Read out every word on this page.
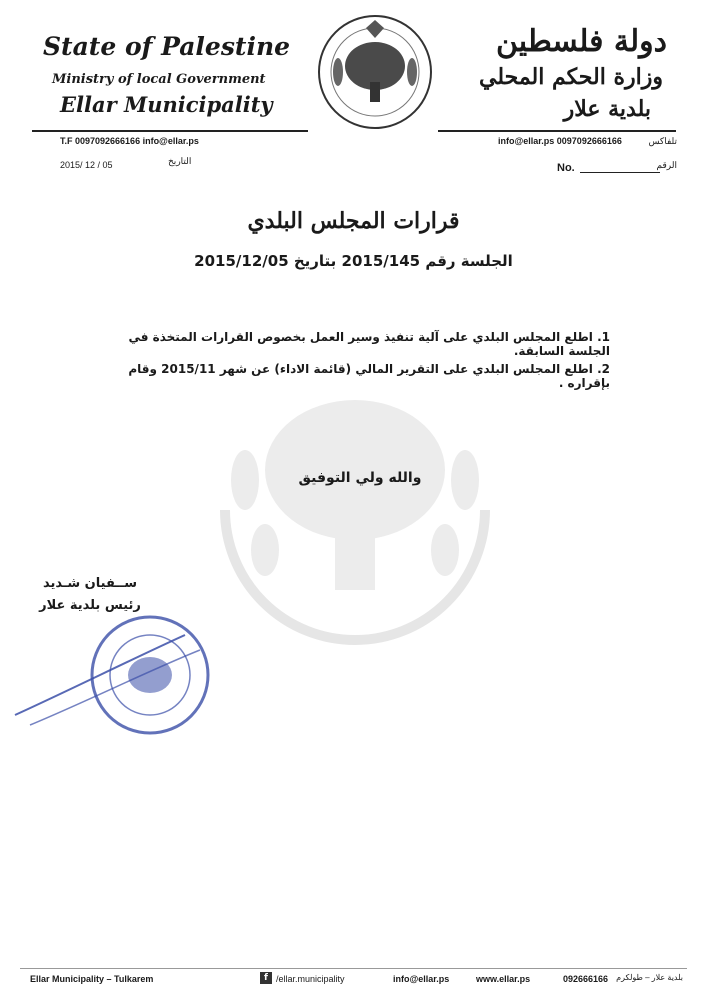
State of Palestine
Ministry of local Government
Ellar Municipality
دولة فلسطين
وزارة الحكم المحلي
بلدية علار
T.F 0097092666166 info@ellar.ps	info@ellar.ps 0097092666166	تلفاكس
2015/ 12 / 05	التاريخ
No.	الرقم
قرارات المجلس البلدي
الجلسة رقم 2015/145 بتاريخ 2015/12/05
1. اطلع المجلس البلدي على آلية تنفيذ وسير العمل بخصوص القرارات المتخذة في الجلسة السابقة.
2. اطلع المجلس البلدي على التقرير المالي (قائمة الاداء) عن شهر 2015/11 وقام بإقراره .
والله ولي التوفيق
ســفيان شـديد
رئيس بلدية علار
Ellar Municipality – Tulkarem	f /ellar.municipality	info@ellar.ps	www.ellar.ps	092666166 بلدية علار – طولكرم
